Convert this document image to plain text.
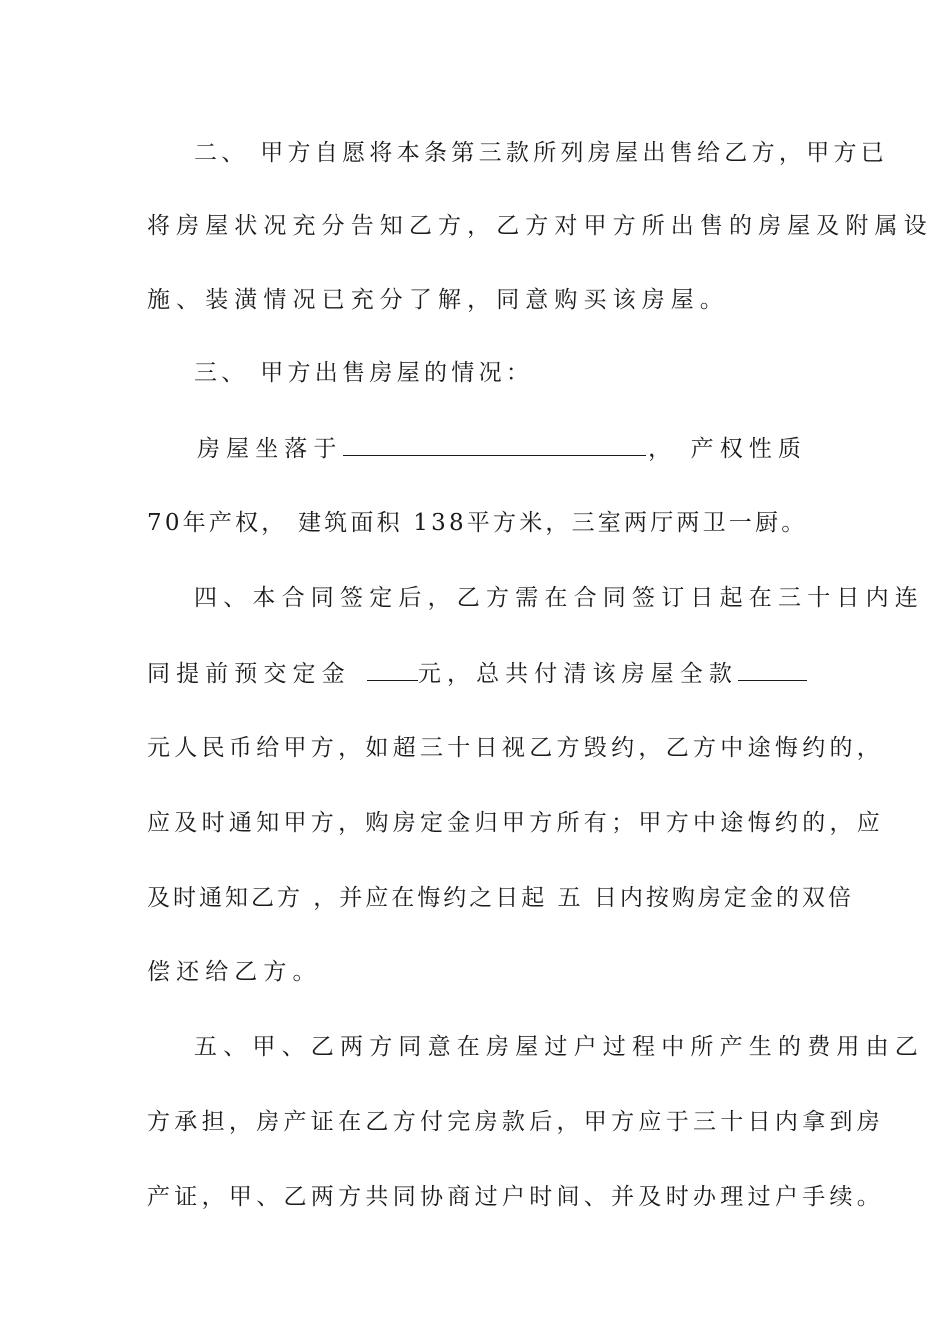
二、 甲方自愿将本条第三款所列房屋出售给乙方，甲方已
将房屋状况充分告知乙方，乙方对甲方所出售的房屋及附属设
施、装潢情况已充分了解，同意购买该房屋。
三、 甲方出售房屋的情况：
房屋坐落于	， 产权性质
70年产权， 建筑面积 138平方米，三室两厅两卫一厨。
四、本合同签定后，乙方需在合同签订日起在三十日内连
同提前预交定金	元，总共付清该房屋全款
元人民币给甲方，如超三十日视乙方毁约，乙方中途悔约的，
应及时通知甲方，购房定金归甲方所有；甲方中途悔约的，应
及时通知乙方 ，并应在悔约之日起 五 日内按购房定金的双倍
偿还给乙方。
五、甲、乙两方同意在房屋过户过程中所产生的费用由乙
方承担，房产证在乙方付完房款后，甲方应于三十日内拿到房
产证，甲、乙两方共同协商过户时间、并及时办理过户手续。
